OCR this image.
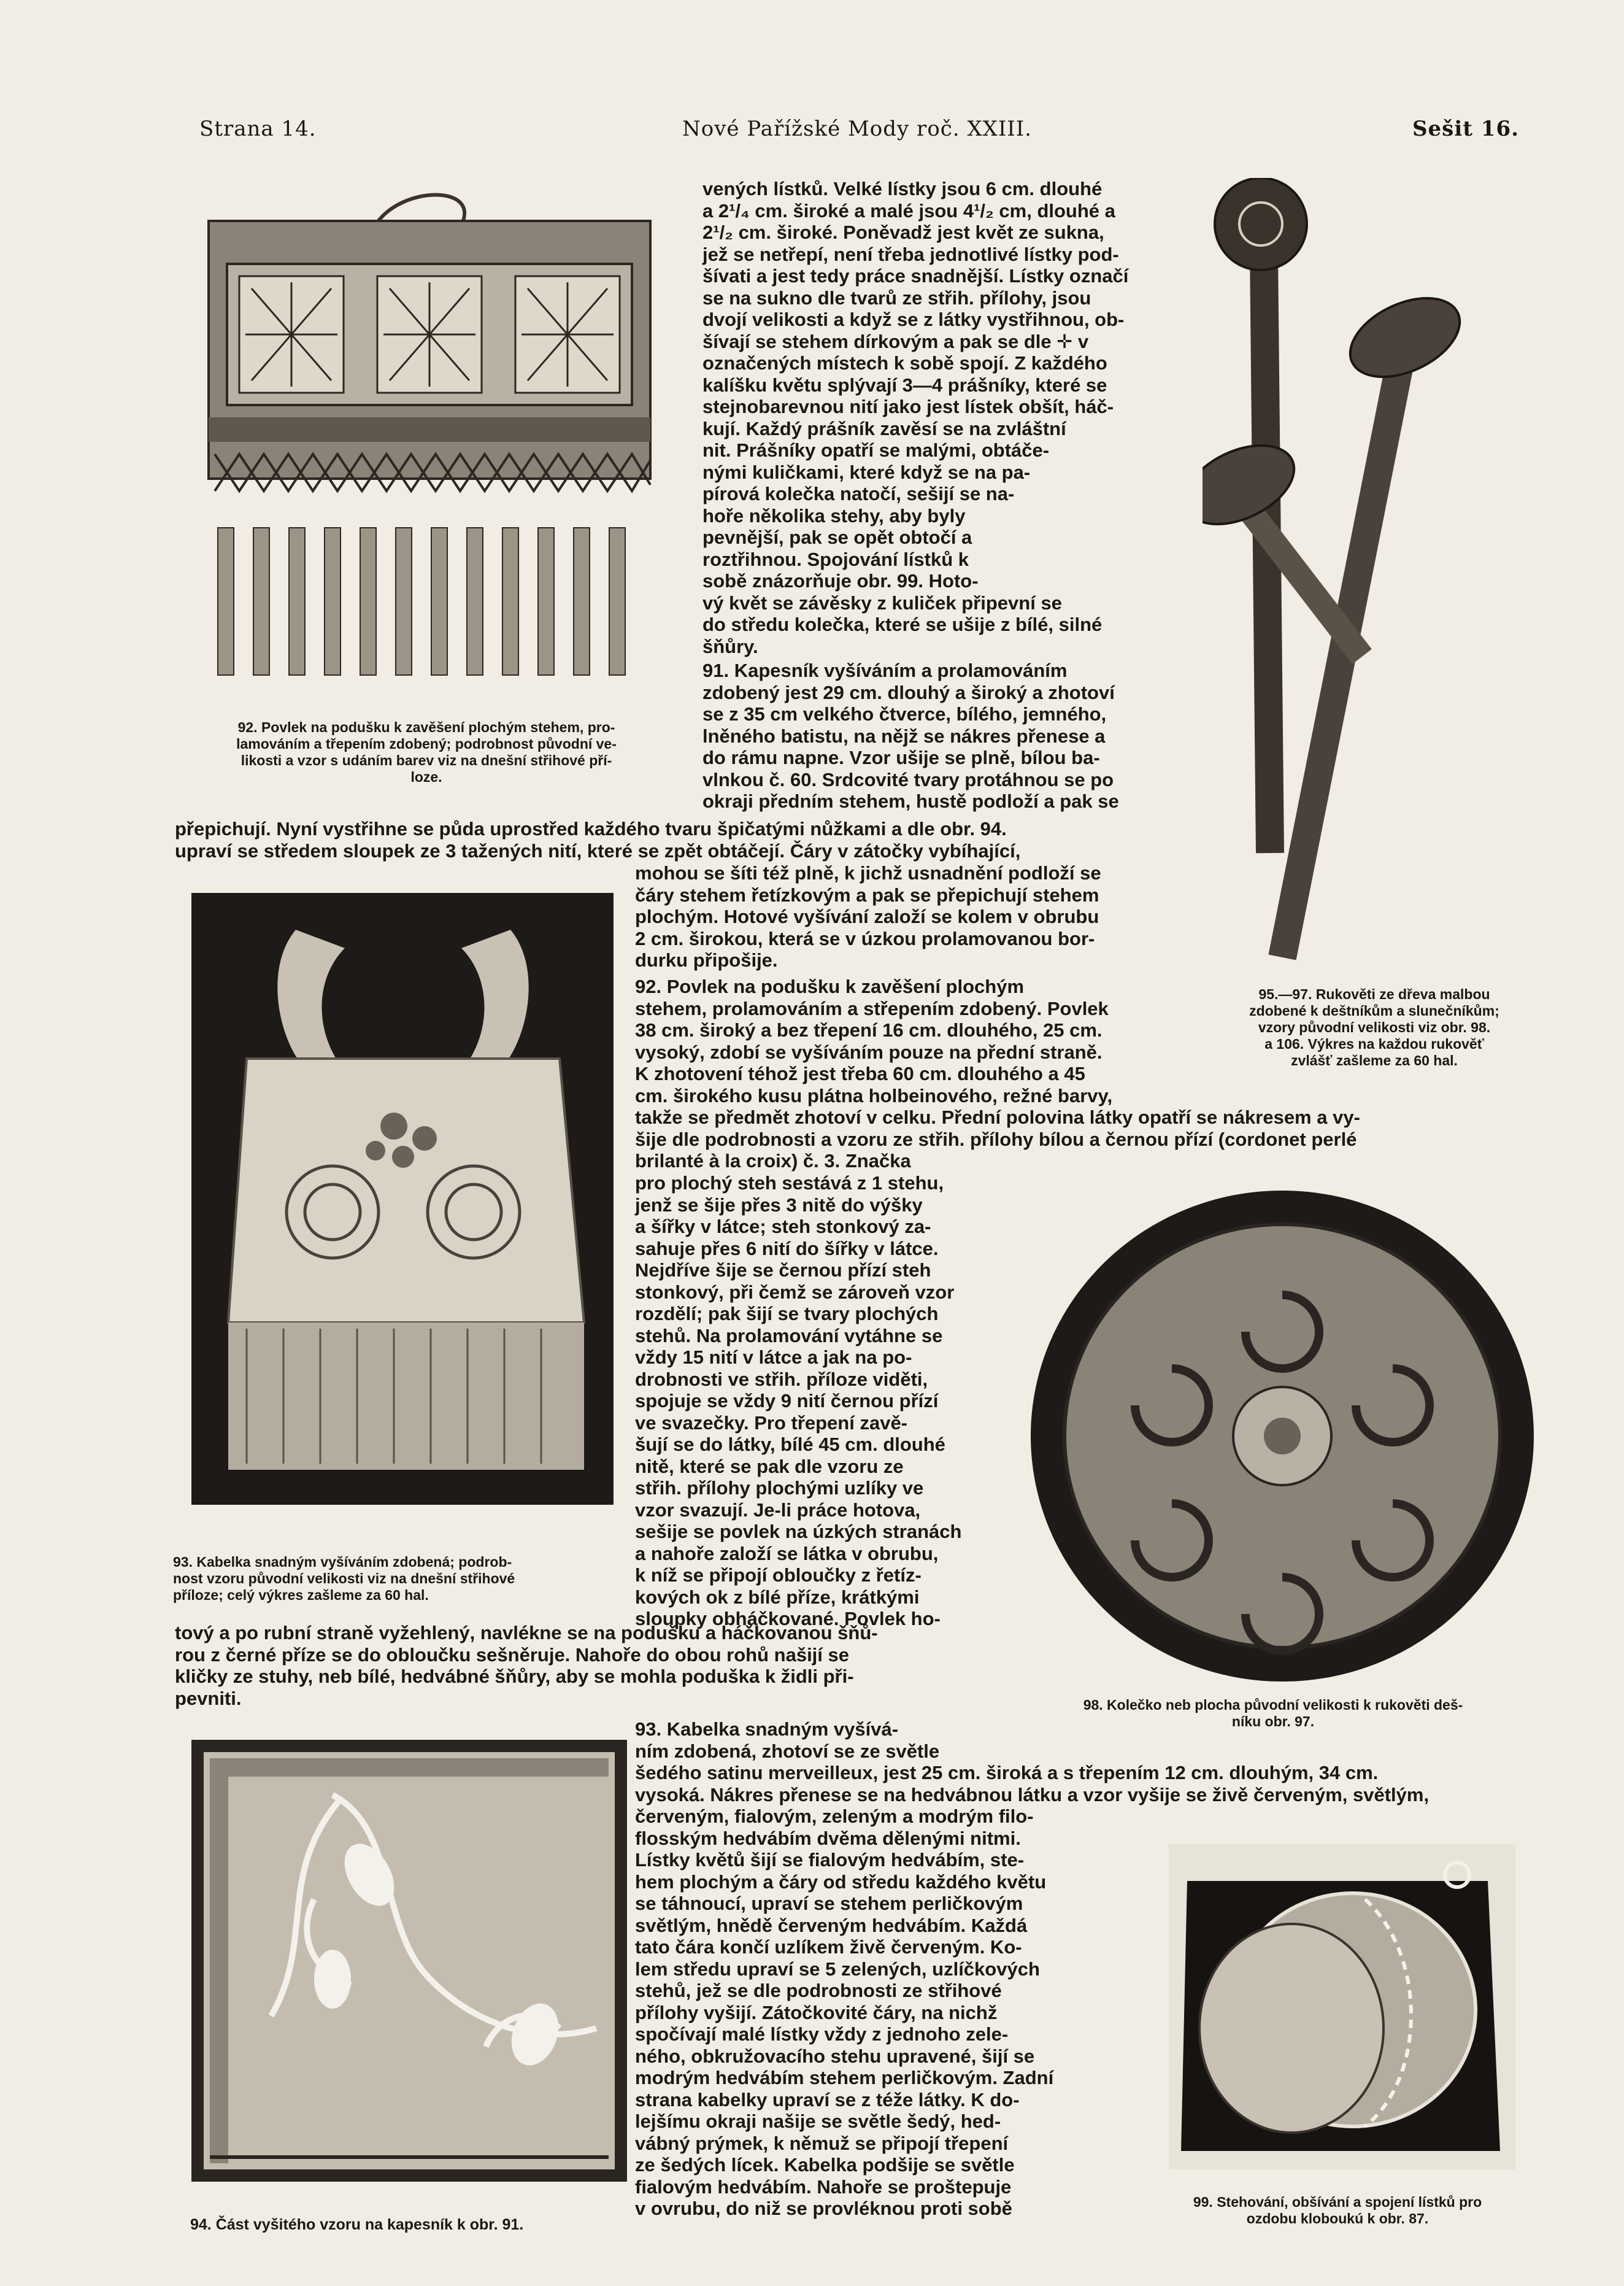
Strana 14.	Nové Pařížské Mody roč. XXIII.	Sešit 16.
92. Povlek na podušku k zavěšení plochým stehem, pro-
lamováním a třepením zdobený; podrobnost původní ve-
likosti a vzor s udáním barev viz na dnešní střihové pří-
loze.
vených lístků. Velké lístky jsou 6 cm. dlouhé
a 2¹/₄ cm. široké a malé jsou 4¹/₂ cm, dlouhé a
2¹/₂ cm. široké. Poněvadž jest květ ze sukna,
jež se netřepí, není třeba jednotlivé lístky pod-
šívati a jest tedy práce snadnější. Lístky označí
se na sukno dle tvarů ze střih. přílohy, jsou
dvojí velikosti a když se z látky vystřihnou, ob-
šívají se stehem dírkovým a pak se dle ✛ v
označených místech k sobě spojí. Z každého
kalíšku květu splývají 3—4 prášníky, které se
stejnobarevnou nití jako jest lístek obšít, háč-
kují. Každý prášník zavěsí se na zvláštní
nit. Prášníky opatří se malými, obtáče-
nými kuličkami, které když se na pa-
pírová kolečka natočí, sešijí se na-
hoře několika stehy, aby byly
pevnější, pak se opět obtočí a
roztřihnou. Spojování lístků k
sobě znázorňuje obr. 99. Hoto-
vý květ se závěsky z kuliček připevní se
do středu kolečka, které se ušije z bílé, silné
šňůry.
91. Kapesník vyšíváním a prolamováním
zdobený jest 29 cm. dlouhý a široký a zhotoví
se z 35 cm velkého čtverce, bílého, jemného,
lněného batistu, na nějž se nákres přenese a
do rámu napne. Vzor ušije se plně, bílou ba-
vlnkou č. 60. Srdcovité tvary protáhnou se po
okraji předním stehem, hustě podloží a pak se
95.—97. Rukověti ze dřeva malbou
zdobené k deštníkům a slunečníkům;
vzory původní velikosti viz obr. 98.
a 106. Výkres na každou rukověť
zvlášť zašleme za 60 hal.
přepichují. Nyní vystřihne se půda uprostřed každého tvaru špičatými nůžkami a dle obr. 94.
upraví se středem sloupek ze 3 tažených nití, které se zpět obtáčejí. Čáry v zátočky vybíhající,
93. Kabelka snadným vyšíváním zdobená; podrob-
nost vzoru původní velikosti viz na dnešní střihové
příloze; celý výkres zašleme za 60 hal.
mohou se šíti též plně, k jichž usnadnění podloží se
čáry stehem řetízkovým a pak se přepichují stehem
plochým. Hotové vyšívání založí se kolem v obrubu
2 cm. širokou, která se v úzkou prolamovanou bor-
durku připošije.
92. Povlek na podušku k zavěšení plochým
stehem, prolamováním a střepením zdobený. Povlek
38 cm. široký a bez třepení 16 cm. dlouhého, 25 cm.
vysoký, zdobí se vyšíváním pouze na přední straně.
K zhotovení téhož jest třeba 60 cm. dlouhého a 45
cm. širokého kusu plátna holbeinového, režné barvy,
takže se předmět zhotoví v celku. Přední polovina látky opatří se nákresem a vy-
šije dle podrobnosti a vzoru ze střih. přílohy bílou a černou přízí (cordonet perlé
brilanté à la croix) č. 3. Značka
pro plochý steh sestává z 1 stehu,
jenž se šije přes 3 nitě do výšky
a šířky v látce; steh stonkový za-
sahuje přes 6 nití do šířky v látce.
Nejdříve šije se černou přízí steh
stonkový, při čemž se zároveň vzor
rozdělí; pak šijí se tvary plochých
stehů. Na prolamování vytáhne se
vždy 15 nití v látce a jak na po-
drobnosti ve střih. příloze viděti,
spojuje se vždy 9 nití černou přízí
ve svazečky. Pro třepení zavě-
šují se do látky, bílé 45 cm. dlouhé
nitě, které se pak dle vzoru ze
střih. přílohy plochými uzlíky ve
vzor svazují. Je-li práce hotova,
sešije se povlek na úzkých stranách
a nahoře založí se látka v obrubu,
k níž se připojí obloučky z řetíz-
kových ok z bílé příze, krátkými
sloupky obháčkované. Povlek ho-
98. Kolečko neb plocha původní velikosti k rukověti deš-
níku obr. 97.
tový a po rubní straně vyžehlený, navlékne se na podušku a háčkovanou šňů-
rou z černé příze se do obloučku sešněruje. Nahoře do obou rohů našijí se
kličky ze stuhy, neb bílé, hedvábné šňůry, aby se mohla poduška k židli při-
pevniti.
93. Kabelka snadným vyšívá-
ním zdobená, zhotoví se ze světle
šedého satinu merveilleux, jest 25 cm. široká a s třepením 12 cm. dlouhým, 34 cm.
vysoká. Nákres přenese se na hedvábnou látku a vzor vyšije se živě červeným, světlým,
94. Část vyšitého vzoru na kapesník k obr. 91.
červeným, fialovým, zeleným a modrým filo-
flosským hedvábím dvěma dělenými nitmi.
Lístky květů šijí se fialovým hedvábím, ste-
hem plochým a čáry od středu každého květu
se táhnoucí, upraví se stehem perličkovým
světlým, hnědě červeným hedvábím. Každá
tato čára končí uzlíkem živě červeným. Ko-
lem středu upraví se 5 zelených, uzlíčkových
stehů, jež se dle podrobnosti ze střihové
přílohy vyšijí. Zátočkovité čáry, na nichž
spočívají malé lístky vždy z jednoho zele-
ného, obkružovacího stehu upravené, šijí se
modrým hedvábím stehem perličkovým. Zadní
strana kabelky upraví se z téže látky. K do-
lejšímu okraji našije se světle šedý, hed-
vábný prýmek, k němuž se připojí třepení
ze šedých lícek. Kabelka podšije se světle
fialovým hedvábím. Nahoře se proštepuje
v ovrubu, do niž se provléknou proti sobě	99. Stehování, obšívání a spojení lístků pro
ozdobu kloboukú k obr. 87.
